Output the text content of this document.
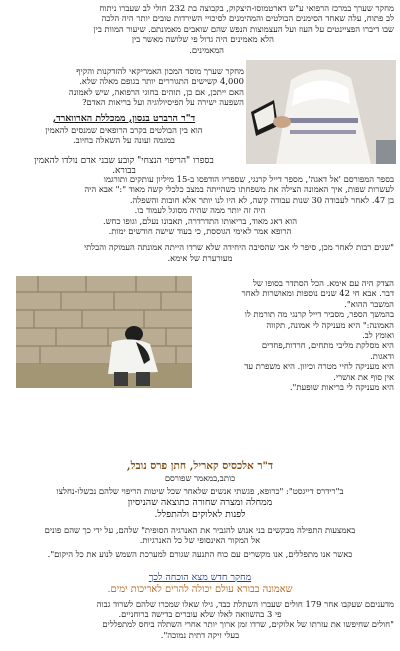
מחקר שערך במרכז הרפואי ע"ש דארטמוסו-היצקוק, בקבוצה בת 232 חולי לב שעברו ניתוח

לב פתוח, עלה שאחד הסימנים הבולטים והמהימנים לסיכויי השירדות טובים יותר היה הלכה

שבו דיברו הפציינטים על העוז ועל העצמוצות הנפש שהם שואבים מאמונתם. שיעור המוות בין

הלא מאמינים היה גדול פי שלושה מאשר בין

המאמינים.

מחקר שערך מוסד המכון האמריקאי להזדקנות והקיף

4,000 קשישים התגוררים יותר בגופם מאלה שלא.

האם ייתכן, אם כן, תוהים בחוגי הרפואה, שיש לאמונה

השפעה ישירה על הפיסיולוגיה ועל בריאות האדם?

ד"ר הרברט בנסון, ממכללת הארווארד,

הוא בין הבולטים בקרב הרופאים שמנסים להאמין

במגמה ועונה על השאלה בחיוב.

בספרו "הריפוי הנצחי" קובע שבני אדם נולדו להאמין

בבורא.

בספר המפורסם 'אל דאגה', מספר דייל קרנגי, שספריו הודפסו ב-15 מיליון עותקים ותורגמו

לעשרות שפות, איך האמונה הצילה את משפחתו כשהייתה במצב כלכלי קשה מאוד ":" אבא היה

בן 47. לאחר לעבודה 30 שנות עבודה קשה, לא היו לנו יותר אלא חובות והשפלה.

היה זה יותר ממה שהיה מסוגל לעמוד בו.

הוא דאג מאוד, בריאותו התדרדרה, תאבונו נעלם, וגופו כחש.

הרופא אמר לאימי הגוססת, כי בעוד שישה חודשים ימות.

"שנים רבות לאחר מכן, סיפר לי אבי שהסיבה היחידה שלא שרדו הייתה אמונתה העמוקה והבלתי

מעורערת של אימא.

הצדק היה עם אימא. הכל הסתדר בסופו של

דבר. אבא חי 42 שנים נוספות ומאושרות לאחר

המשבר ההוא".

בהמשך הספר, מסביר דייל קרנגי מה תורמת לו

האמונה:" היא מעניקה לי אמונה, תקווה

ואומץ לב.

היא מסלקת מליבי מתחים, חרדות,פחדים

ודאגות.

היא מעניקה לחיי מטרה וכיוון. היא משפרת עד

אין סוף את אושרי.

היא מעניקה לי בריאות שופעת".

ד"ר אלכסיס קאריל, חתן פרס נובל,

כותב,במאמר שפורסם

ב"רידרס דייגסט": "כרופא, פגשתי אנשים שלאחר שכל שיטות הריפוי שלהם נכשלו-נחלצו

ממחלה ומצרה שחורה כתוצאה שהניסיון

לפנות לאלוקים ולהתפלל.

באמצעות התפילה מבקשים בני אנוש להגביר את האנרגיה הסופית" שלהם, על ידי כך שהם פונים

אל המקור האינסופי של כל האנרגיות.

כאשר אנו מתפללים, אנו מקשרים עם כוח התנעה שגורם למערכת השמש לנוע את כל היקום".

מחקר חדש מצא הוכחה לכך

שאמונה בבורא עולם יכולה להרים לאריכות ימים.

מדעניםם שעקבו אחר 179 חולים שעברו השתלת כבד, גילו שאלו שמכרו שלהם לשרוד גבוה

פי 3 בהשוואה לאלו שלא עוברים בדישה ברוחניים.

"חולים שחיפשו את עזרתו של אלוקים, שרדו זמן ארוך יותר אחרי השתלה ביחס למתפללים

בעלי זיקה דתית נמוכה".
